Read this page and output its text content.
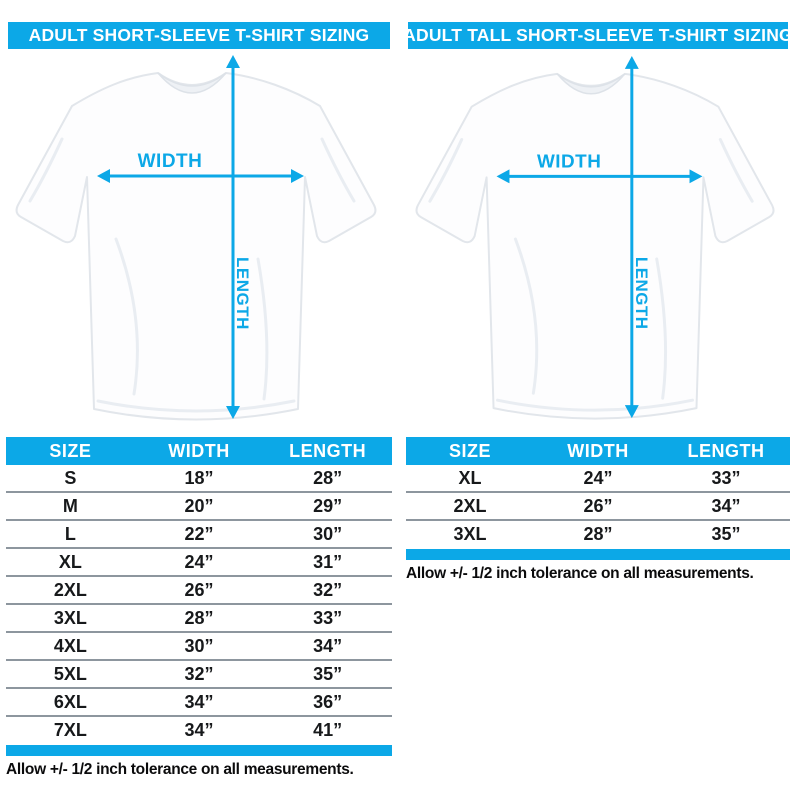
ADULT SHORT-SLEEVE T-SHIRT SIZING
WIDTH
LENGTH
SIZE	WIDTH	LENGTH
S	18”	28”
M	20”	29”
L	22”	30”
XL	24”	31”
2XL	26”	32”
3XL	28”	33”
4XL	30”	34”
5XL	32”	35”
6XL	34”	36”
7XL	34”	41”
Allow +/- 1/2 inch tolerance on all measurements.
ADULT TALL SHORT-SLEEVE T-SHIRT SIZING
WIDTH
LENGTH
SIZE	WIDTH	LENGTH
XL	24”	33”
2XL	26”	34”
3XL	28”	35”
Allow +/- 1/2 inch tolerance on all measurements.
